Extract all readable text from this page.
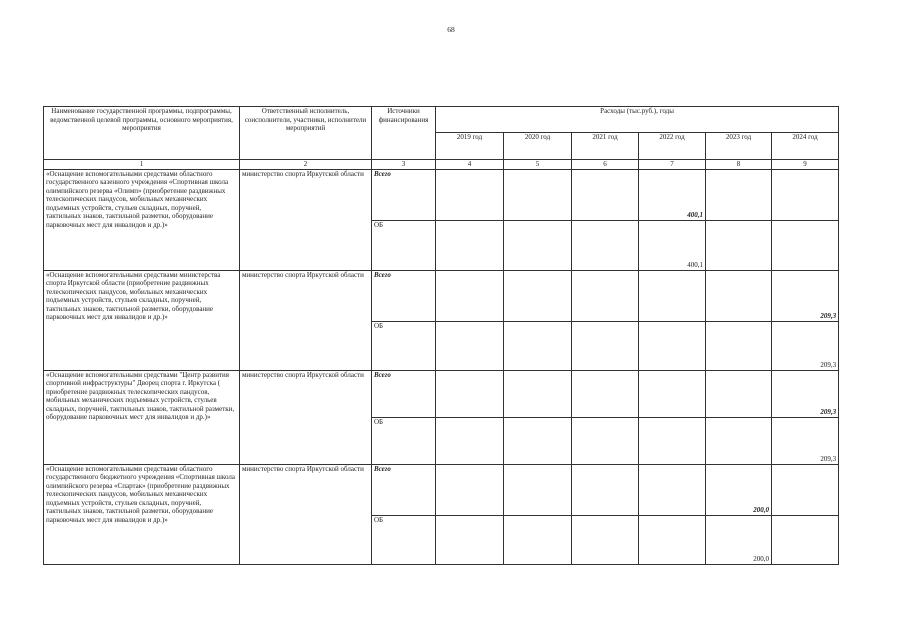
68
Наименование государственной программы, подпрограммы, ведомственной целевой программы, основного мероприятия, мероприятия	Ответственный исполнитель, соисполнители, участники, исполнители мероприятий	Источники финансирования	Расходы (тыс.руб.), годы					
			2019 год	2020 год	2021 год	2022 год	2023 год	2024 год
1	2	3	4	5	6	7	8	9
«Оснащение вспомогательными средствами областного государственного казенного учреждения «Спортивная школа олимпийского резерва «Олимп» (приобретение раздвижных телескопических пандусов, мобильных механических подъемных устройств, стульев складных, поручней, тактильных знаков, тактильной разметки, оборудование парковочных мест для инвалидов и др.)»	министерство спорта Иркутской области	Всего				400,1		
		ОБ				400,1		
«Оснащение вспомогательными средствами министерства спорта Иркутской области (приобретение раздвижных телескопических пандусов, мобильных механических подъемных устройств, стульев складных, поручней, тактильных знаков, тактильной разметки, оборудование парковочных мест для инвалидов и др.)»	министерство спорта Иркутской области	Всего						209,3
		ОБ						209,3
«Оснащение вспомогательными средствами "Центр развития спортивной инфраструктуры" Дворец спорта г. Иркутска ( приобретение раздвижных телескопических пандусов, мобильных механических подъемных устройств, стульев складных, поручней, тактильных знаков, тактильной разметки, оборудование парковочных мест для инвалидов и др.)»	министерство спорта Иркутской области	Всего						209,3
		ОБ						209,3
«Оснащение вспомогательными средствами областного государственного бюджетного учреждения «Спортивная школа олимпийского резерва «Спартак» (приобретение раздвижных телескопических пандусов, мобильных механических подъемных устройств, стульев складных, поручней, тактильных знаков, тактильной разметки, оборудование парковочных мест для инвалидов и др.)»	министерство спорта Иркутской области	Всего					200,0	
		ОБ					200,0	
